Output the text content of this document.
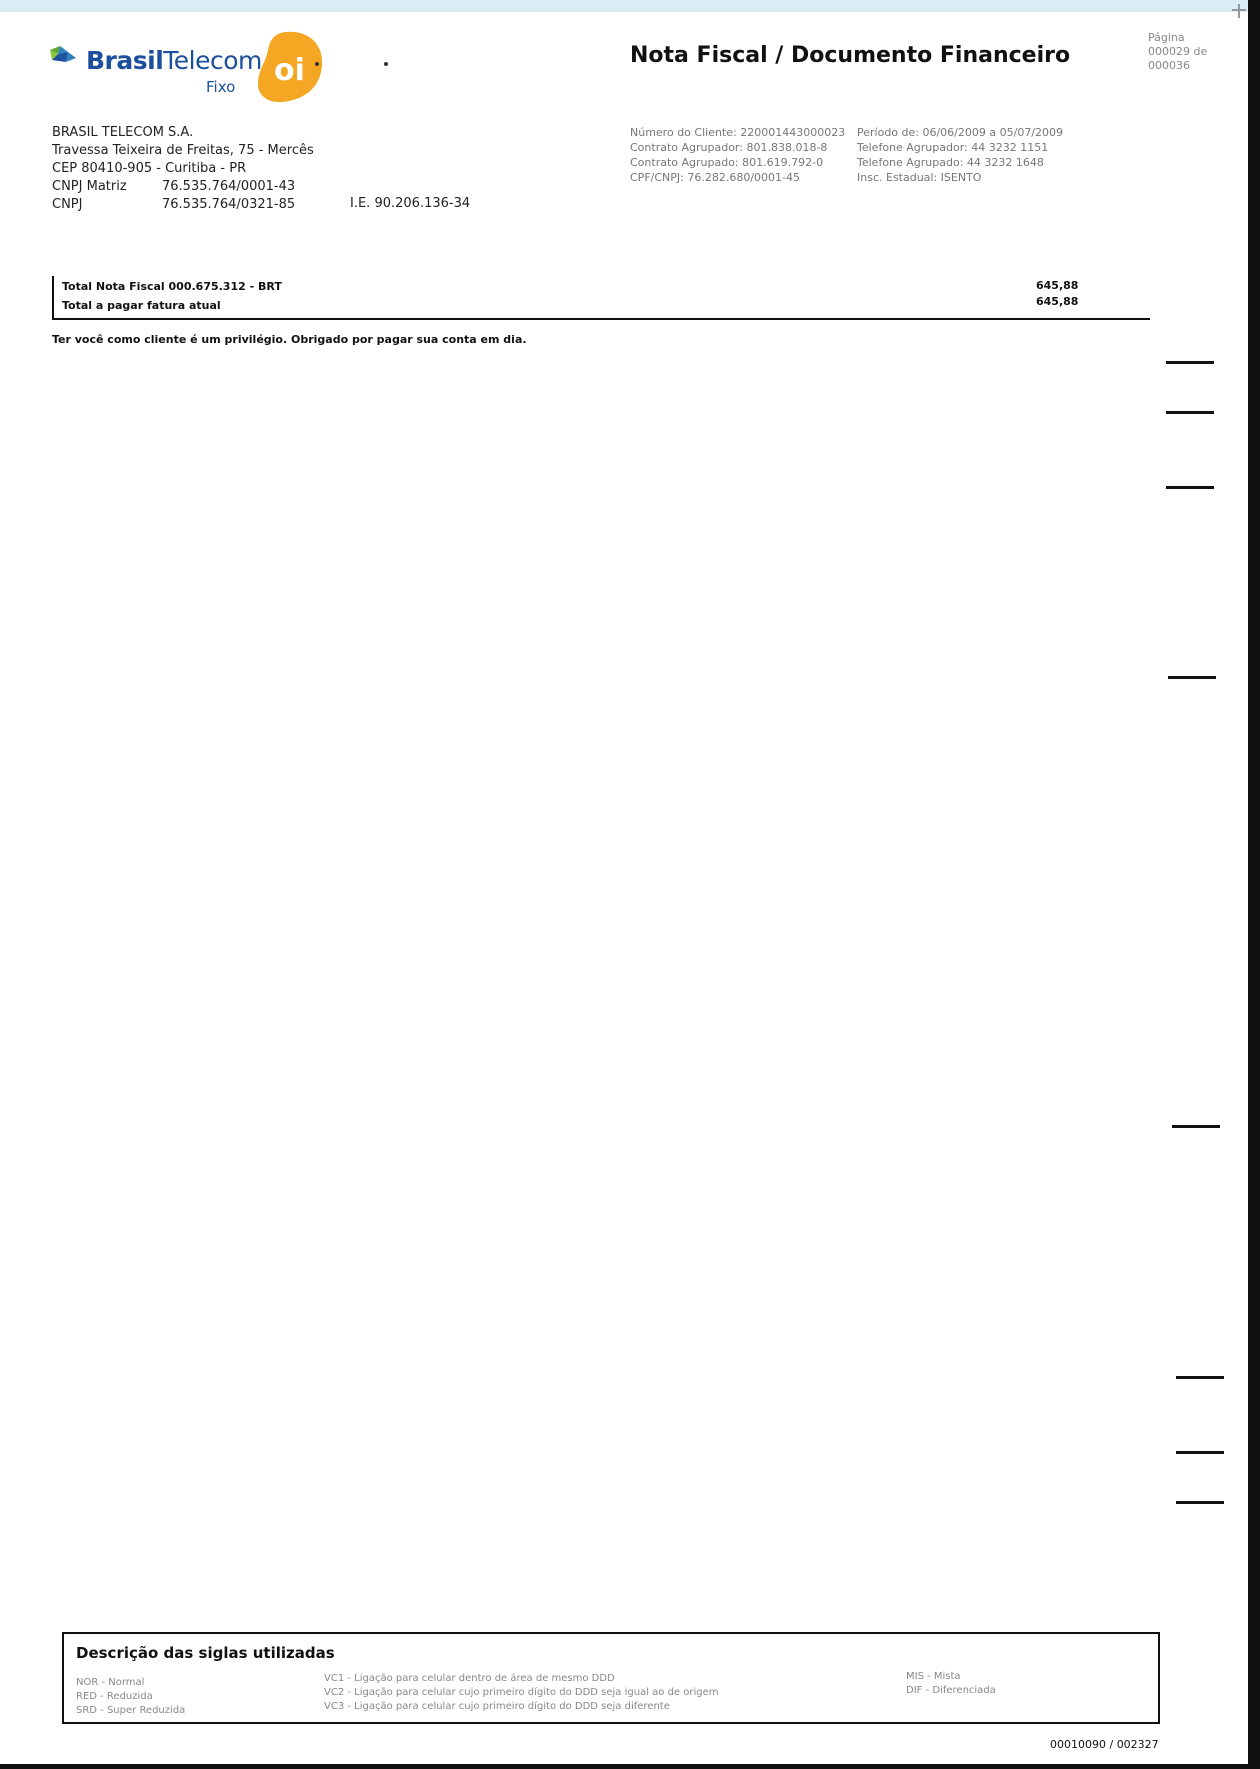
BrasilTelecom
Fixo oi	Nota Fiscal / Documento Financeiro
Página
000029 de
000036
BRASIL TELECOM S.A.
Travessa Teixeira de Freitas, 75 - Mercês
CEP 80410-905 - Curitiba - PR
CNPJ Matriz	76.535.764/0001-43
CNPJ	76.535.764/0321-85	I.E. 90.206.136-34
Número do Cliente: 220001443000023
Contrato Agrupador: 801.838.018-8
Contrato Agrupado: 801.619.792-0
CPF/CNPJ: 76.282.680/0001-45
Período de: 06/06/2009 a 05/07/2009
Telefone Agrupador: 44 3232 1151
Telefone Agrupado: 44 3232 1648
Insc. Estadual: ISENTO
Total Nota Fiscal 000.675.312 - BRT	645,88
Total a pagar fatura atual	645,88
Ter você como cliente é um privilégio. Obrigado por pagar sua conta em dia.
Descrição das siglas utilizadas
NOR - Normal
RED - Reduzida
SRD - Super Reduzida
VC1 - Ligação para celular dentro de área de mesmo DDD
VC2 - Ligação para celular cujo primeiro dígito do DDD seja igual ao de origem
VC3 - Ligação para celular cujo primeiro dígito do DDD seja diferente
MIS - Mista
DIF - Diferenciada
00010090 / 002327
